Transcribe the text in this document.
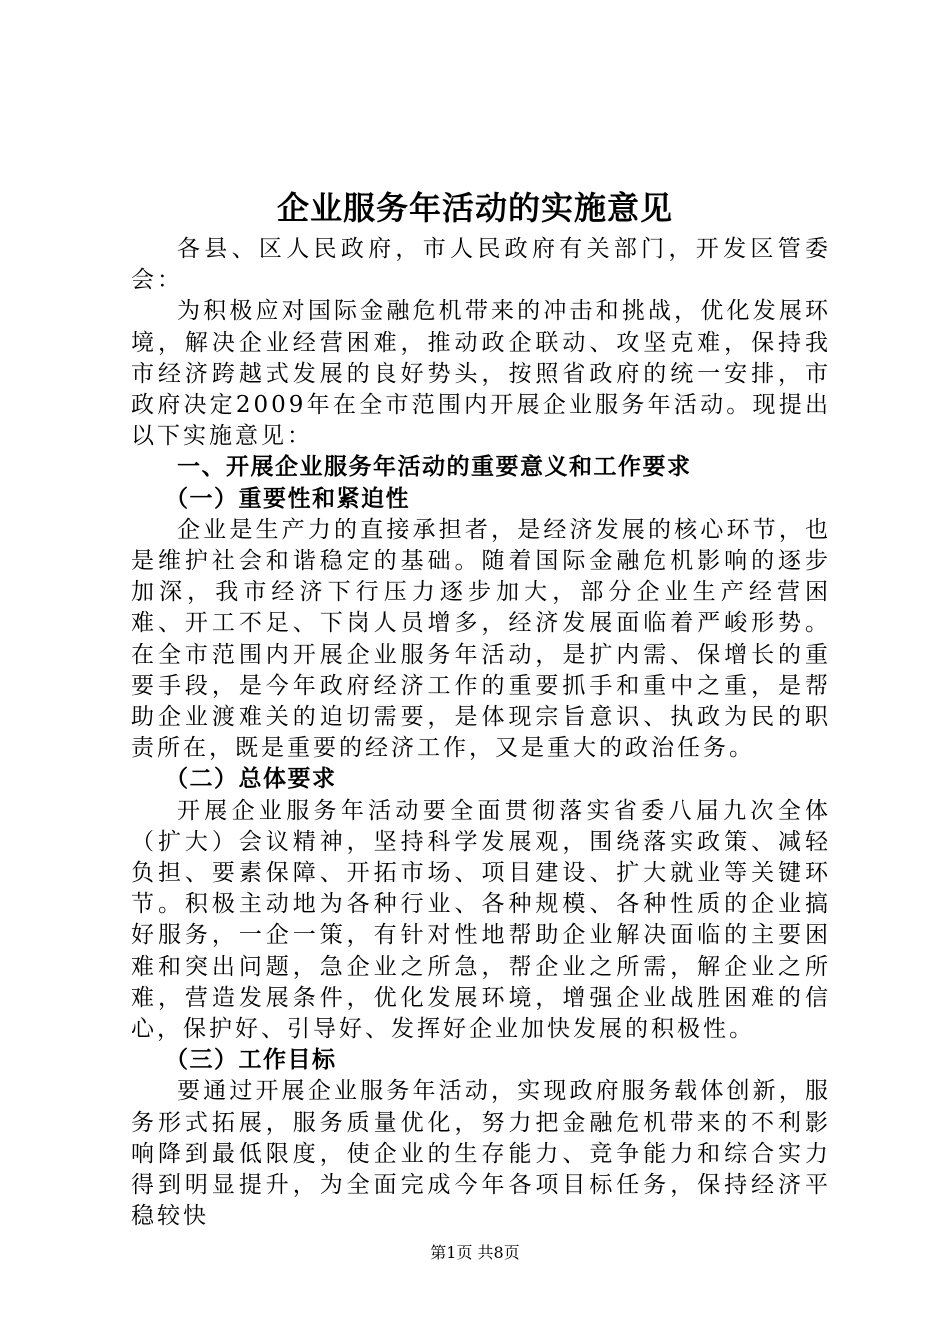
企业服务年活动的实施意见

各县、区人民政府，市人民政府有关部门，开发区管委会：

为积极应对国际金融危机带来的冲击和挑战，优化发展环境，解决企业经营困难，推动政企联动、攻坚克难，保持我市经济跨越式发展的良好势头，按照省政府的统一安排，市政府决定2009年在全市范围内开展企业服务年活动。现提出以下实施意见：

一、开展企业服务年活动的重要意义和工作要求

（一）重要性和紧迫性

企业是生产力的直接承担者，是经济发展的核心环节，也是维护社会和谐稳定的基础。随着国际金融危机影响的逐步加深，我市经济下行压力逐步加大，部分企业生产经营困难、开工不足、下岗人员增多，经济发展面临着严峻形势。在全市范围内开展企业服务年活动，是扩内需、保增长的重要手段，是今年政府经济工作的重要抓手和重中之重，是帮助企业渡难关的迫切需要，是体现宗旨意识、执政为民的职责所在，既是重要的经济工作，又是重大的政治任务。

（二）总体要求

开展企业服务年活动要全面贯彻落实省委八届九次全体（扩大）会议精神，坚持科学发展观，围绕落实政策、减轻负担、要素保障、开拓市场、项目建设、扩大就业等关键环节。积极主动地为各种行业、各种规模、各种性质的企业搞好服务，一企一策，有针对性地帮助企业解决面临的主要困难和突出问题，急企业之所急，帮企业之所需，解企业之所难，营造发展条件，优化发展环境，增强企业战胜困难的信心，保护好、引导好、发挥好企业加快发展的积极性。

（三）工作目标

要通过开展企业服务年活动，实现政府服务载体创新，服务形式拓展，服务质量优化，努力把金融危机带来的不利影响降到最低限度，使企业的生存能力、竞争能力和综合实力得到明显提升，为全面完成今年各项目标任务，保持经济平稳较快

第1页 共8页
